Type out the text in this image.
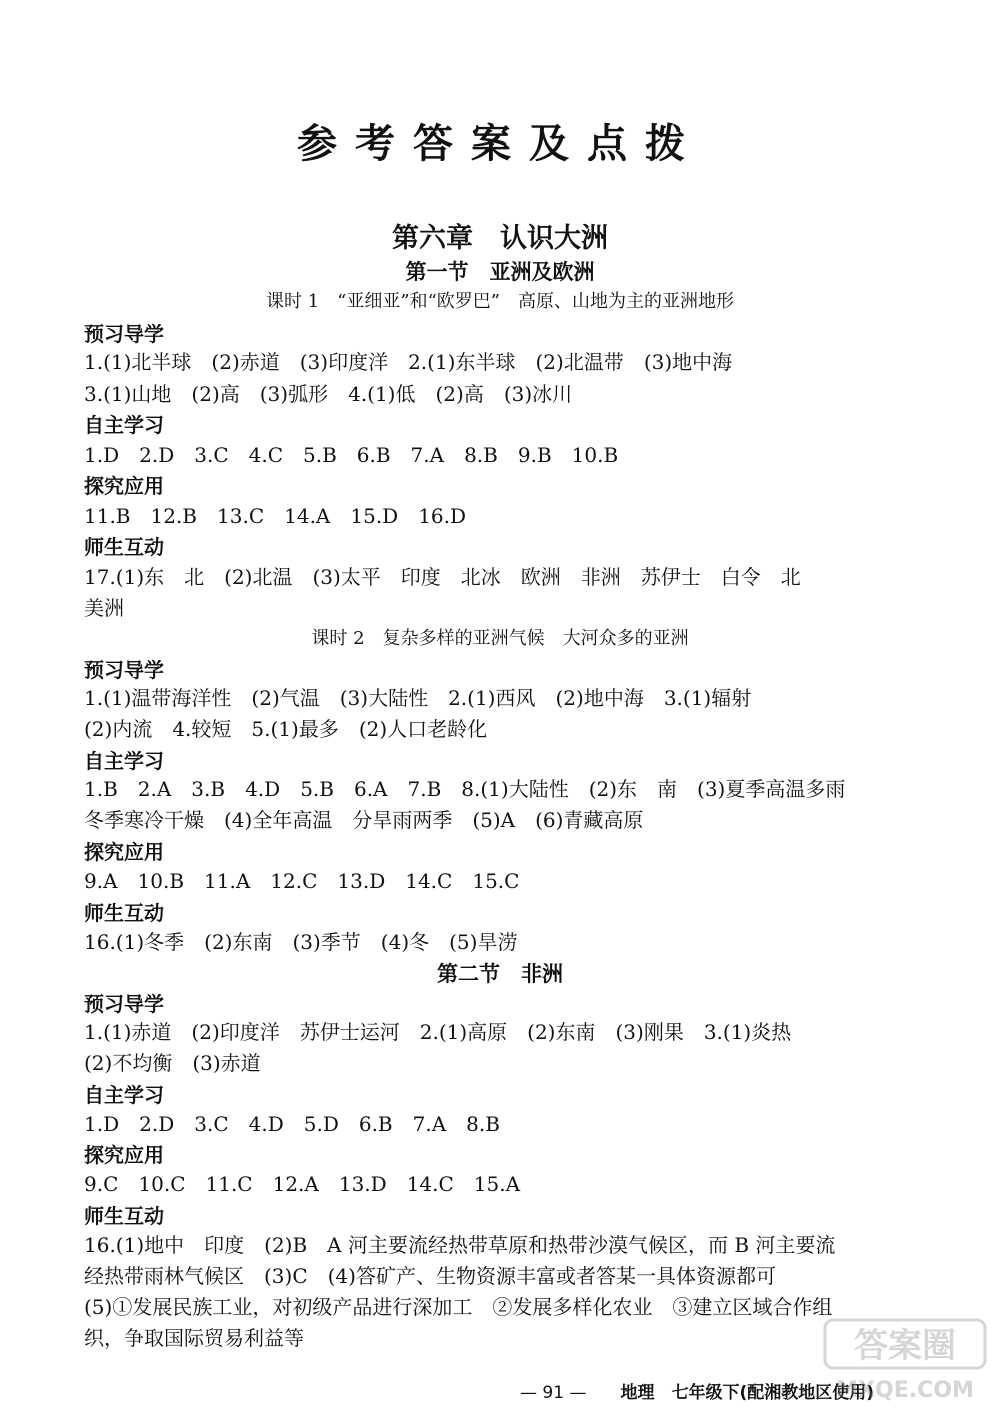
参考答案及点拨
第六章　认识大洲
第一节　亚洲及欧洲
课时 1　“亚细亚”和“欧罗巴”　高原、山地为主的亚洲地形
预习导学
1.(1)北半球　(2)赤道　(3)印度洋　2.(1)东半球　(2)北温带　(3)地中海
3.(1)山地　(2)高　(3)弧形　4.(1)低　(2)高　(3)冰川
自主学习
1.D　2.D　3.C　4.C　5.B　6.B　7.A　8.B　9.B　10.B
探究应用
11.B　12.B　13.C　14.A　15.D　16.D
师生互动
17.(1)东　北　(2)北温　(3)太平　印度　北冰　欧洲　非洲　苏伊士　白令　北
美洲
课时 2　复杂多样的亚洲气候　大河众多的亚洲
预习导学
1.(1)温带海洋性　(2)气温　(3)大陆性　2.(1)西风　(2)地中海　3.(1)辐射
(2)内流　4.较短　5.(1)最多　(2)人口老龄化
自主学习
1.B　2.A　3.B　4.D　5.B　6.A　7.B　8.(1)大陆性　(2)东　南　(3)夏季高温多雨
冬季寒冷干燥　(4)全年高温　分旱雨两季　(5)A　(6)青藏高原
探究应用
9.A　10.B　11.A　12.C　13.D　14.C　15.C
师生互动
16.(1)冬季　(2)东南　(3)季节　(4)冬　(5)旱涝
第二节　非洲
预习导学
1.(1)赤道　(2)印度洋　苏伊士运河　2.(1)高原　(2)东南　(3)刚果　3.(1)炎热
(2)不均衡　(3)赤道
自主学习
1.D　2.D　3.C　4.D　5.D　6.B　7.A　8.B
探究应用
9.C　10.C　11.C　12.A　13.D　14.C　15.A
师生互动
16.(1)地中　印度　(2)B　A 河主要流经热带草原和热带沙漠气候区，而 B 河主要流
经热带雨林气候区　(3)C　(4)答矿产、生物资源丰富或者答某一具体资源都可
(5)①发展民族工业，对初级产品进行深加工　②发展多样化农业　③建立区域合作组
织，争取国际贸易利益等
— 91 —　　 地理　七年级下(配湘教地区使用)
答案圈
MXQE.COM
